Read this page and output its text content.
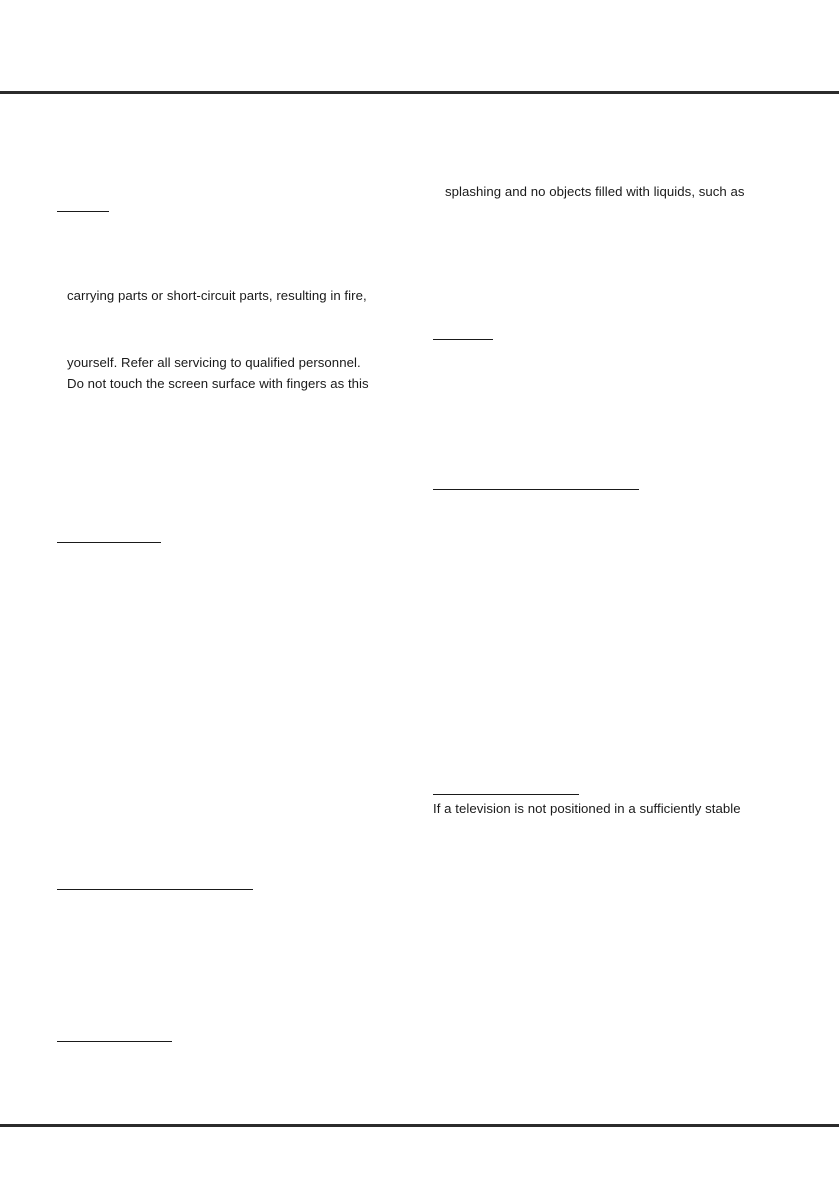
carrying parts or short-circuit parts, resulting in fire,
yourself. Refer all servicing to qualified personnel.
Do not touch the screen surface with fingers as this
splashing and no objects filled with liquids, such as
If a television is not positioned in a sufficiently stable
